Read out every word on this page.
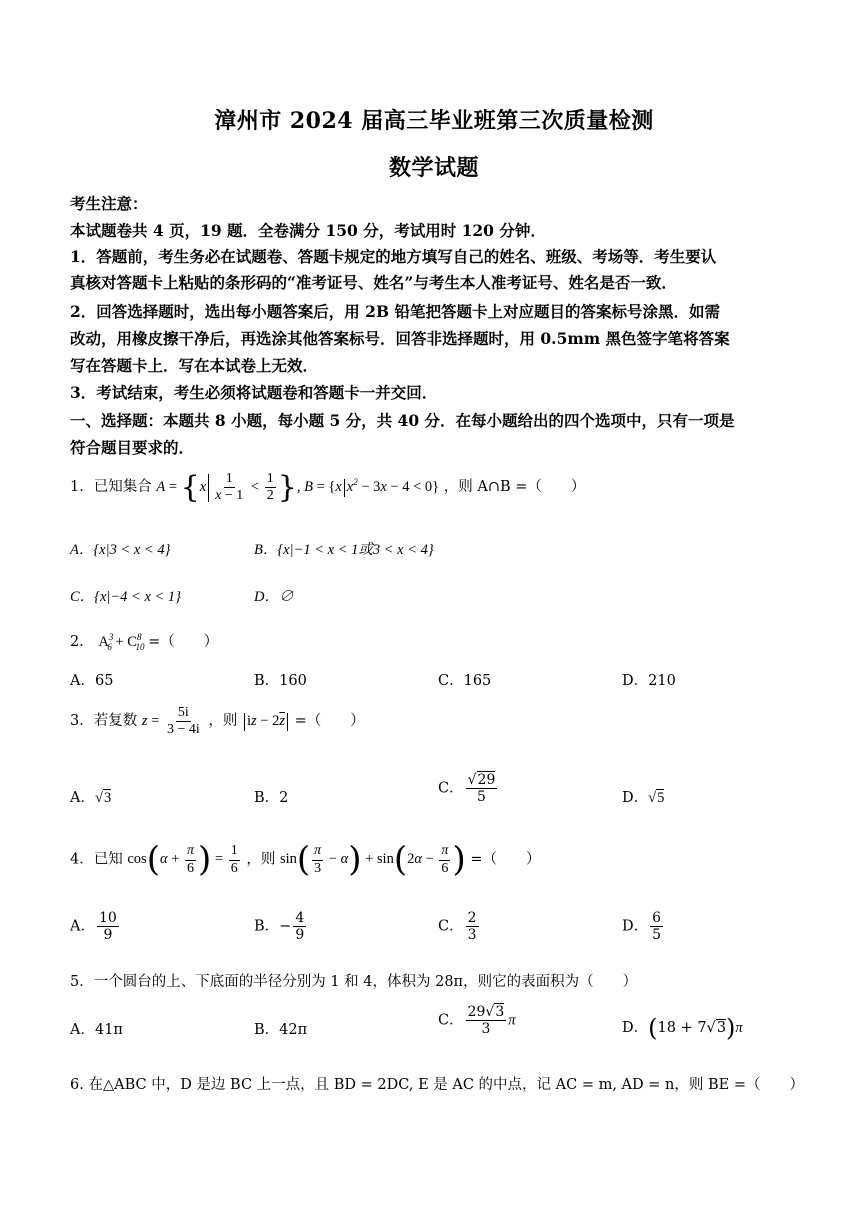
漳州市 2024 届高三毕业班第三次质量检测
数学试题
考生注意：
本试题卷共 4 页，19 题．全卷满分 150 分，考试用时 120 分钟．
1．答题前，考生务必在试题卷、答题卡规定的地方填写自己的姓名、班级、考场等．考生要认
真核对答题卡上粘贴的条形码的“准考证号、姓名”与考生本人准考证号、姓名是否一致．
2．回答选择题时，选出每小题答案后，用 2B 铅笔把答题卡上对应题目的答案标号涂黑．如需
改动，用橡皮擦干净后，再选涂其他答案标号．回答非选择题时，用 0.5mm 黑色签字笔将答案
写在答题卡上．写在本试卷上无效．
3．考试结束，考生必须将试题卷和答题卡一并交回．
一、选择题：本题共 8 小题，每小题 5 分，共 40 分．在每小题给出的四个选项中，只有一项是
符合题目要求的．
1．已知集合 $A = \{x \frac{1}{x - 1} < \frac{1}{2}$ }, B = {x $x^2 - 3x - 4 < 0$} ，则 A∩B =（　　）
A．{x|3 < x < 4}	B．{x|−1 < x < 1或3 < x < 4}
C．{x|−4 < x < 1}	D．∅
2． $A^3_6 + C^8_{10}$ =（　　）
A．65	B．160	C．165	D．210
3．若复数 $z = \frac{5i}{3 - 4i}$ ，则 iz − $2\overline{z}$ =（　　）
A．√3	B．2
C． $\frac{√29}{5}$	D．√5
4．已知 $\cos(\alpha + \frac{\pi}{6}$ ) = $\frac{1}{6}$ ，则 $\sin( \frac{\pi}{3} - \alpha) + \sin(2\alpha - \frac{\pi}{6}$ ) =（　　）
A． $\frac{10}{9}$	B．− $\frac{4}{9}$	C． $\frac{2}{3}$	D． $\frac{6}{5}$
5．一个圆台的上、下底面的半径分别为 1 和 4，体积为 28π，则它的表面积为（　　）
A．41π	B．42π
C． $\frac{29√3}{3}$ π	D．(18 + 7√3)π
6. 在△ABC 中，D 是边 BC 上一点，且 BD = 2DC, E 是 AC 的中点，记 AC = m, AD = n，则 BE =（　　）
